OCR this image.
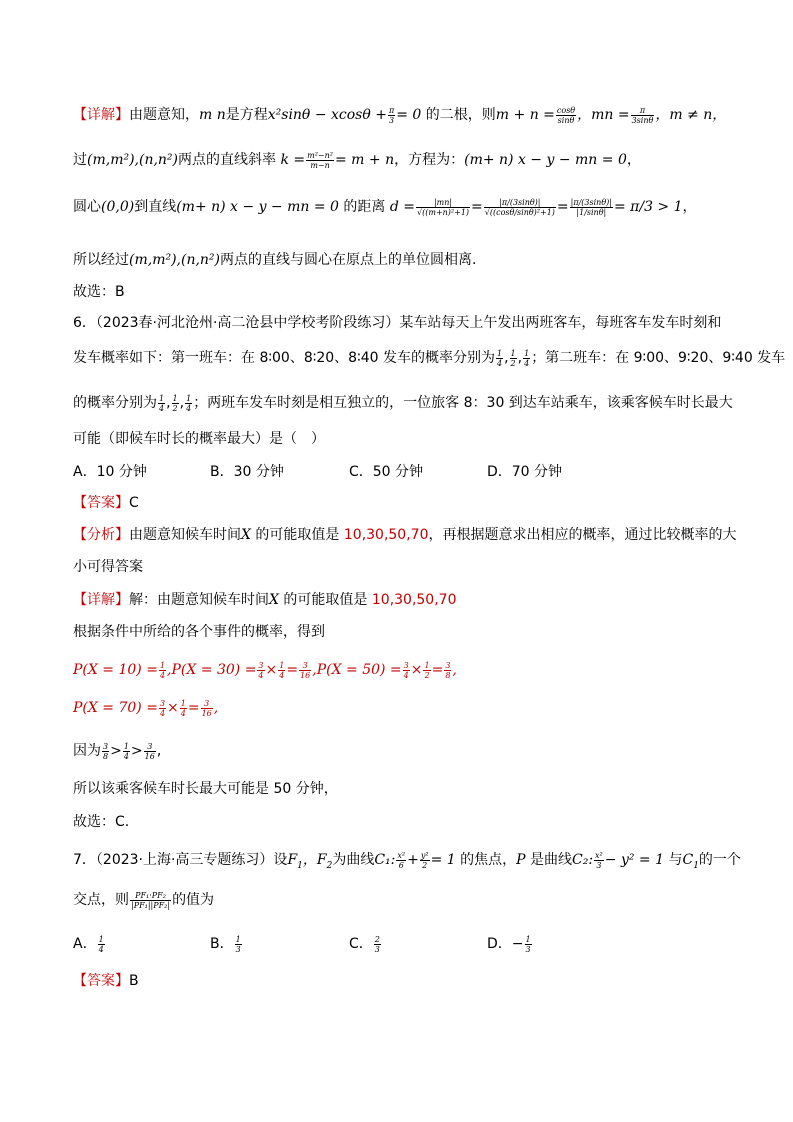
【详解】由题意知，m n是方程$x^2\sin\theta - xcos\theta + \frac{\pi}{3} = 0$ 的二根，则$m + n = \frac{\cos\theta}{\sin\theta}$ ，mn = $\frac{\pi}{3\sin\theta}$ ，m ≠ n，
过(m,m²),(n,n²)两点的直线斜率 $k = \frac{\text{m²−n²}}{m-n} = m + n$，方程为：(m+ n) x − y − mn = 0，
圆心(0,0)到直线(m+ n) x − y − mn = 0 的距离 $d = \frac{|mn|}{\text{√((m+n)²+1)}} = \frac{|\pi/(3\sin\theta)|}{\text{√((cosθ/sinθ)²+1)}} = \frac{|\pi/(3\sin\theta)|}{|1/\sin\theta|} = \pi/3 > 1$，
所以经过(m,m²),(n,n²)两点的直线与圆心在原点上的单位圆相离.
故选：B
6．（2023春·河北沧州·高二沧县中学校考阶段练习）某车站每天上午发出两班客车，每班客车发车时刻和
发车概率如下：第一班车：在 8∶00、8∶20、8∶40 发车的概率分别为 $\frac{1}{4}$ , $\frac{1}{2}$ , $\frac{1}{4}$ ；第二班车：在 9∶00、9∶20、9∶40 发车
的概率分别为 $\frac{1}{4}$ , $\frac{1}{2}$ , $\frac{1}{4}$ ；两班车发车时刻是相互独立的，一位旅客 8：30 到达车站乘车，该乘客候车时长最大
可能（即候车时长的概率最大）是（　）
A．10 分钟	B．30 分钟	C．50 分钟	D．70 分钟
【答案】C
【分析】由题意知候车时间X 的可能取值是 10,30,50,70，再根据题意求出相应的概率，通过比较概率的大
小可得答案
【详解】解：由题意知候车时间X 的可能取值是 10,30,50,70
根据条件中所给的各个事件的概率，得到
$P(X = 10) = \frac{1}{4} ,P(X = 30) = \frac{3}{4} \times \frac{1}{4} = \frac{3}{16} ,P(X = 50) = \frac{3}{4} \times \frac{1}{2} = \frac{3}{8}$ ,
$P(X = 70) = \frac{3}{4} \times \frac{1}{4} = \frac{3}{16}$ ,
因为 $\frac{3}{8} > \frac{1}{4} > \frac{3}{16}$ ,
所以该乘客候车时长最大可能是 50 分钟，
故选：C.
7．（2023·上海·高三专题练习）设$F_1$，$F_2$为曲线C₁: $\frac{\text{x²}}{6} + \frac{\text{y²}}{2} = 1$ 的焦点，P 是曲线C₂: $\frac{\text{x²}}{3} - y^2 = 1$ 与$C_1$的一个
交点，则 $\frac{\text{PF₁·PF₂}}{\text{|PF₁||PF₂|}}$ 的值为
A． $\frac{1}{4}$	B． $\frac{1}{3}$	C． $\frac{2}{3}$	D．− $\frac{1}{3}$
【答案】B
